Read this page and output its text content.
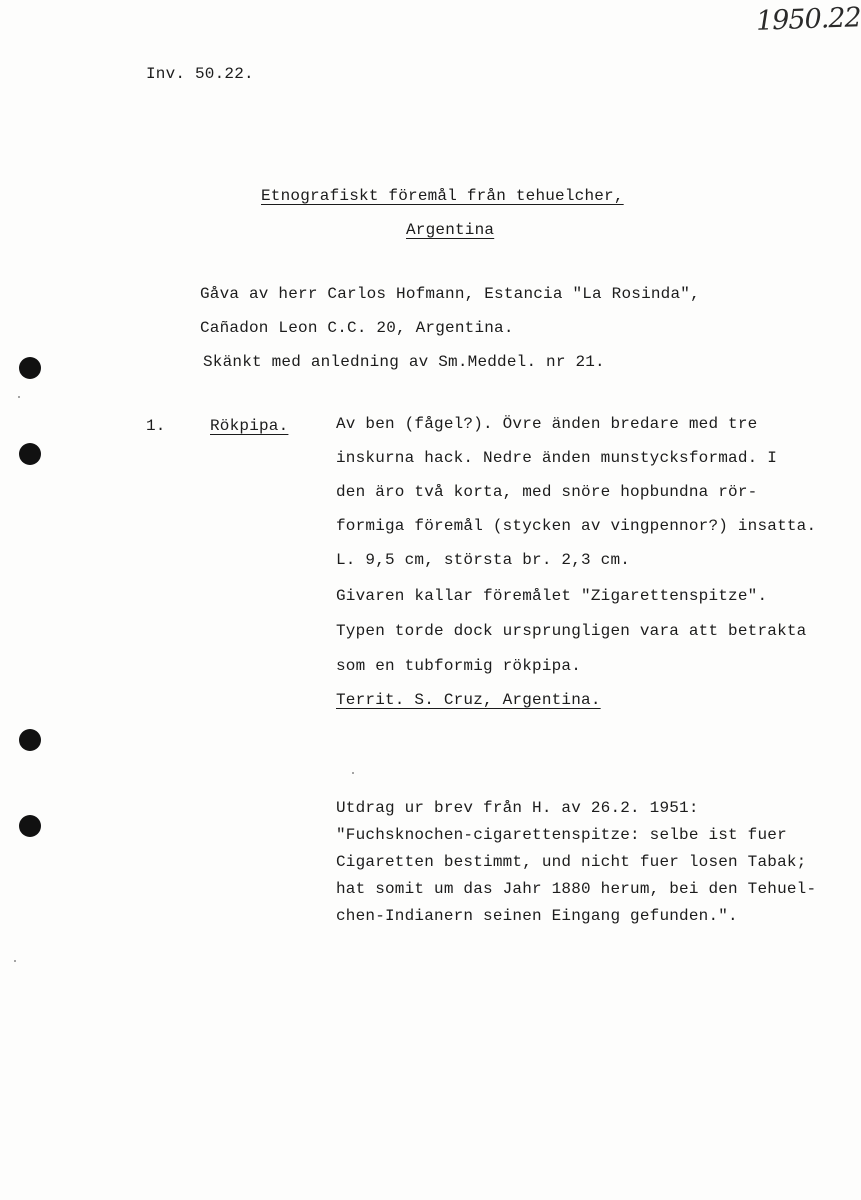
1950.22
Inv. 50.22.
Etnografiskt föremål från tehuelcher,
Argentina
Gåva av herr Carlos Hofmann, Estancia "La Rosinda",
Cañadon Leon C.C. 20, Argentina.
Skänkt med anledning av Sm.Meddel. nr 21.
1.	Rökpipa.	Av ben (fågel?). Övre änden bredare med tre
inskurna hack. Nedre änden munstycksformad. I
den äro två korta, med snöre hopbundna rör-
formiga föremål (stycken av vingpennor?) insatta.
L. 9,5 cm, största br. 2,3 cm.
Givaren kallar föremålet "Zigarettenspitze".
Typen torde dock ursprungligen vara att betrakta
som en tubformig rökpipa.
Territ. S. Cruz, Argentina.
Utdrag ur brev från H. av 26.2. 1951:
"Fuchsknochen-cigarettenspitze: selbe ist fuer
Cigaretten bestimmt, und nicht fuer losen Tabak;
hat somit um das Jahr 1880 herum, bei den Tehuel-
chen-Indianern seinen Eingang gefunden.".
